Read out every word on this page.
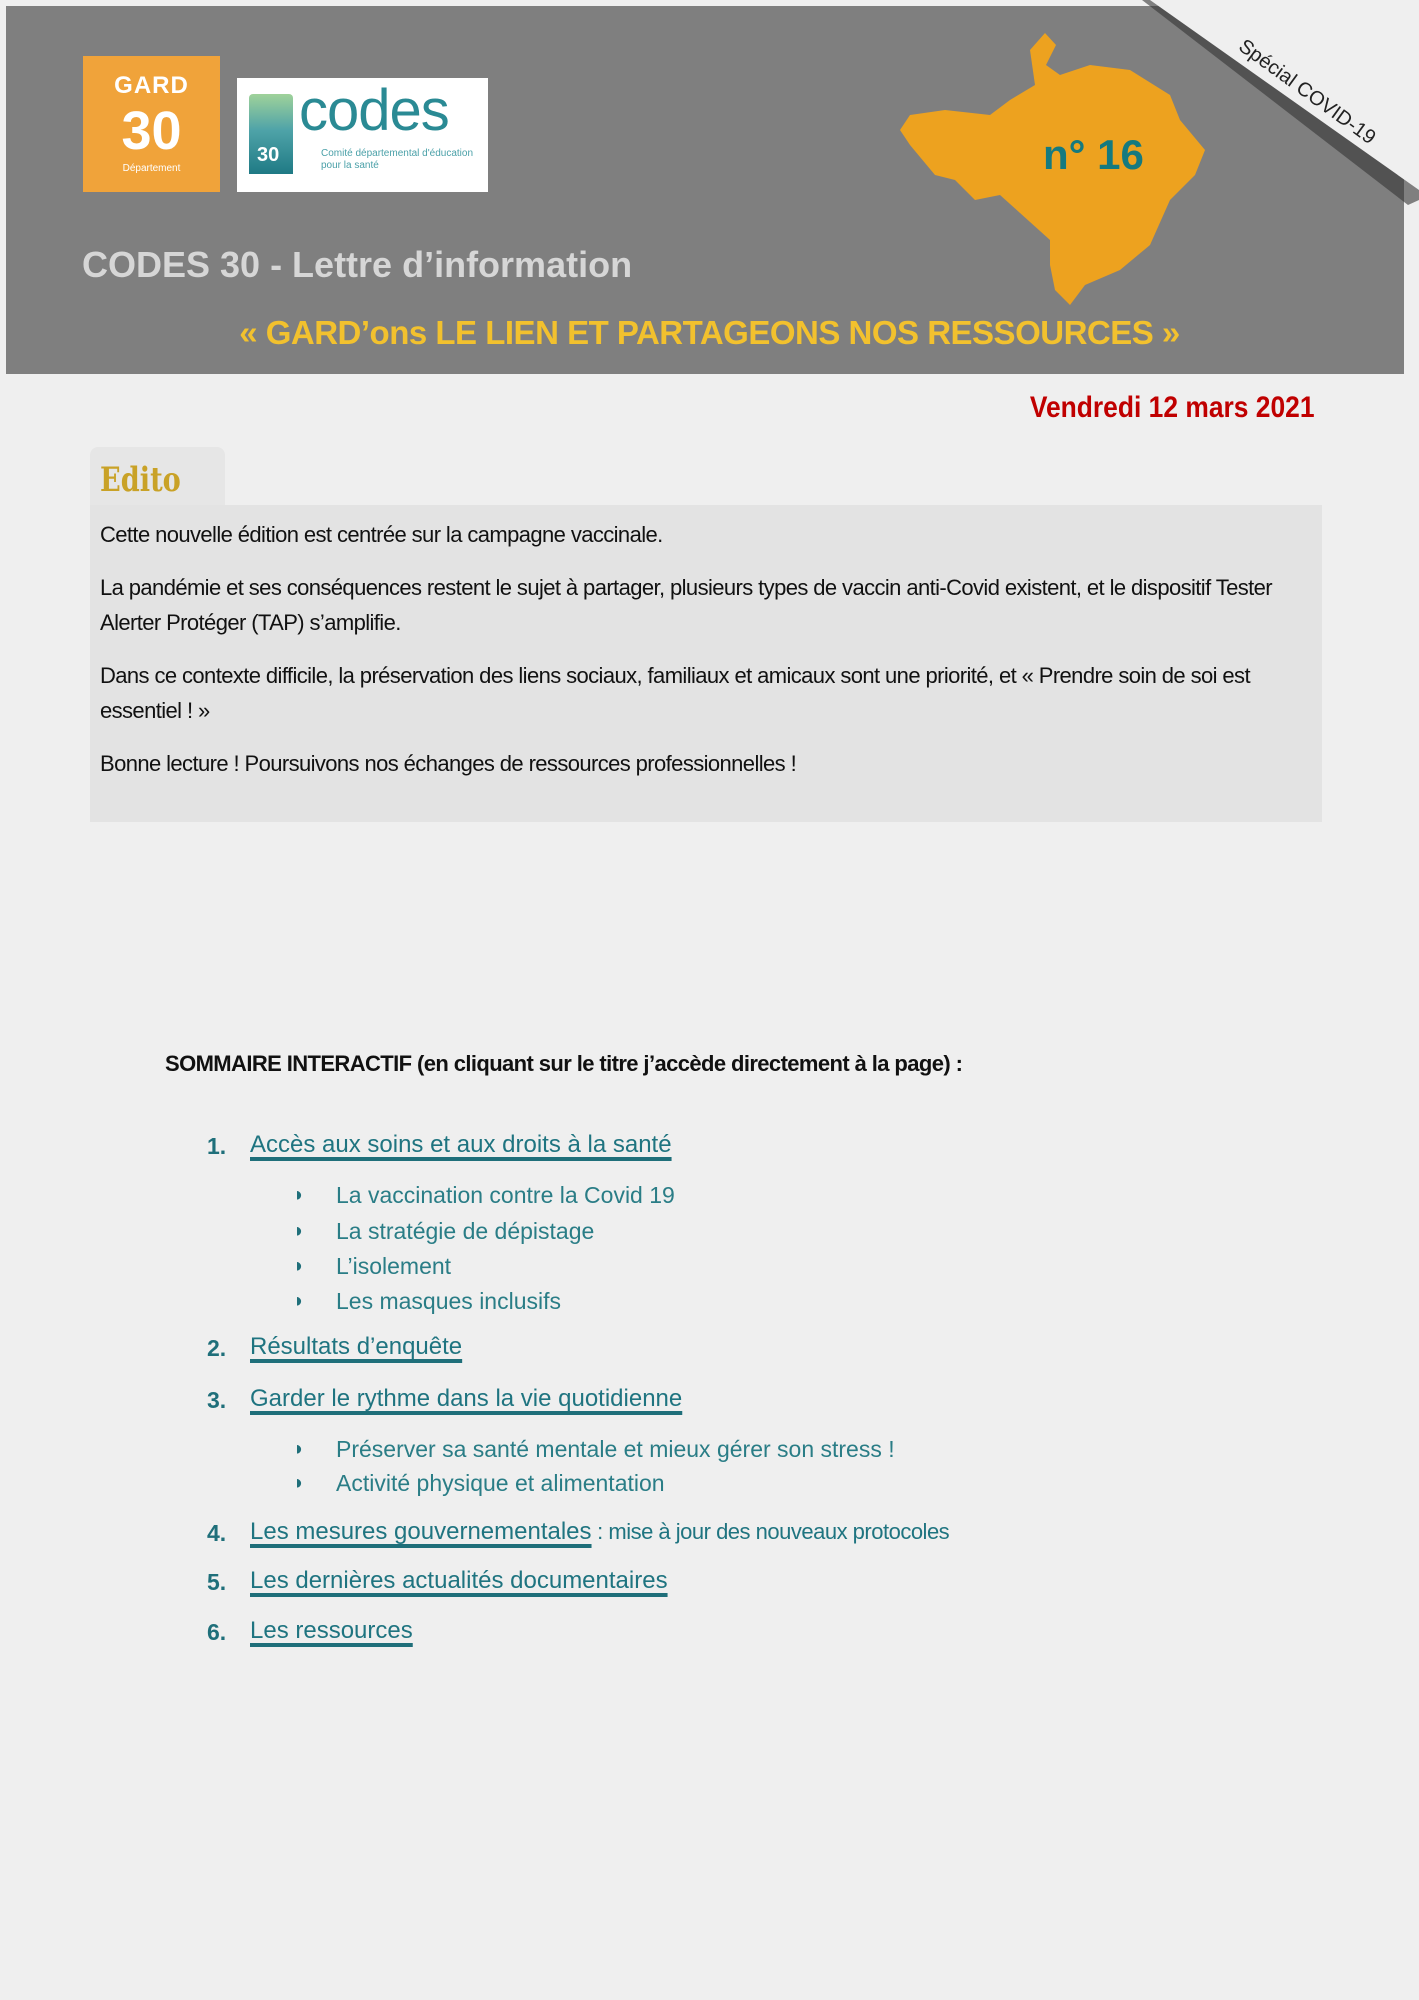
GARD
30
Département
30
codes
Comité départemental d'éducation pour la santé	n° 16
Spécial COVID-19
CODES 30 - Lettre d’information
« GARD’ons LE LIEN ET PARTAGEONS NOS RESSOURCES »
Vendredi 12 mars 2021

Cette nouvelle édition est centrée sur la campagne vaccinale.

La pandémie et ses conséquences restent le sujet à partager, plusieurs types de vaccin anti-Covid existent, et le dispositif Tester Alerter Protéger (TAP) s’amplifie.

Dans ce contexte difficile, la préservation des liens sociaux, familiaux et amicaux sont une priorité, et « Prendre soin de soi est essentiel ! »

Bonne lecture ! Poursuivons nos échanges de ressources professionnelles !

Edito
SOMMAIRE INTERACTIF (en cliquant sur le titre j’accède directement à la page) :
1. Accès aux soins et aux droits à la santé
◗ La vaccination contre la Covid 19
◗ La stratégie de dépistage
◗ L’isolement
◗ Les masques inclusifs
2. Résultats d’enquête
3. Garder le rythme dans la vie quotidienne
◗ Préserver sa santé mentale et mieux gérer son stress !
◗ Activité physique et alimentation
4. Les mesures gouvernementales : mise à jour des nouveaux protocoles
5. Les dernières actualités documentaires
6. Les ressources
